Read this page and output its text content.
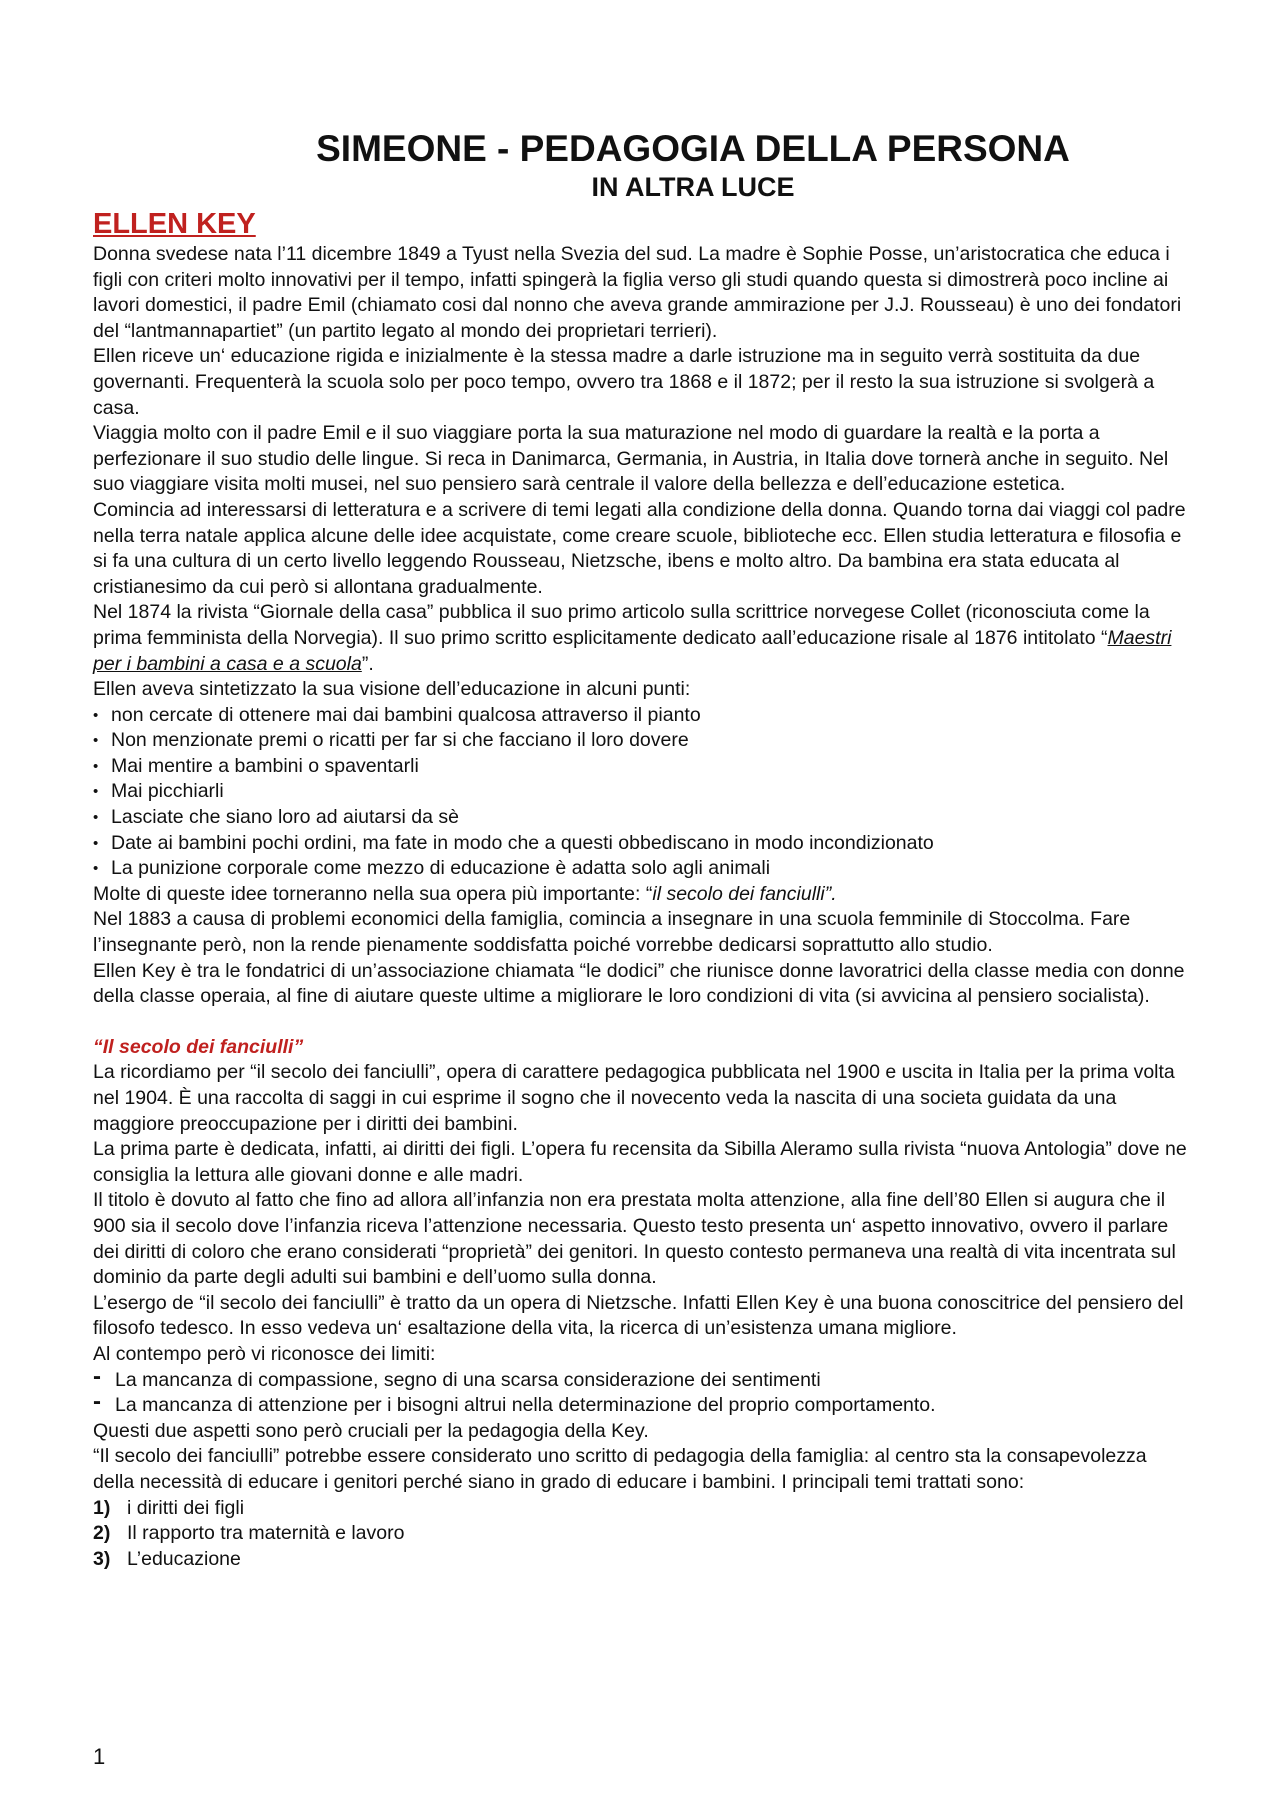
SIMEONE - PEDAGOGIA DELLA PERSONA
IN ALTRA LUCE
ELLEN KEY

Donna svedese nata l’11 dicembre 1849 a Tyust nella Svezia del sud. La madre è Sophie Posse, un’aristocratica che educa i figli con criteri molto innovativi per il tempo, infatti spingerà la figlia verso gli studi quando questa si dimostrerà poco incline ai lavori domestici, il padre Emil (chiamato cosi dal nonno che aveva grande ammirazione per J.J. Rousseau) è uno dei fondatori del “lantmannapartiet” (un partito legato al mondo dei proprietari terrieri).

Ellen riceve un‘ educazione rigida e inizialmente è la stessa madre a darle istruzione ma in seguito verrà sostituita da due governanti. Frequenterà la scuola solo per poco tempo, ovvero tra 1868 e il 1872; per il resto la sua istruzione si svolgerà a casa.

Viaggia molto con il padre Emil e il suo viaggiare porta la sua maturazione nel modo di guardare la realtà e la porta a perfezionare il suo studio delle lingue. Si reca in Danimarca, Germania, in Austria, in Italia dove tornerà anche in seguito. Nel suo viaggiare visita molti musei, nel suo pensiero sarà centrale il valore della bellezza e dell’educazione estetica.

Comincia ad interessarsi di letteratura e a scrivere di temi legati alla condizione della donna. Quando torna dai viaggi col padre nella terra natale applica alcune delle idee acquistate, come creare scuole, biblioteche ecc. Ellen studia letteratura e filosofia e si fa una cultura di un certo livello leggendo Rousseau, Nietzsche, ibens e molto altro. Da bambina era stata educata al cristianesimo da cui però si allontana gradualmente.

Nel 1874 la rivista “Giornale della casa” pubblica il suo primo articolo sulla scrittrice norvegese Collet (riconosciuta come la prima femminista della Norvegia). Il suo primo scritto esplicitamente dedicato aall’educazione risale al 1876 intitolato “Maestri per i bambini a casa e a scuola”.

Ellen aveva sintetizzato la sua visione dell’educazione in alcuni punti:

• non cercate di ottenere mai dai bambini qualcosa attraverso il pianto
• Non menzionate premi o ricatti per far si che facciano il loro dovere
• Mai mentire a bambini o spaventarli
• Mai picchiarli
• Lasciate che siano loro ad aiutarsi da sè
• Date ai bambini pochi ordini, ma fate in modo che a questi obbediscano in modo incondizionato
• La punizione corporale come mezzo di educazione è adatta solo agli animali

Molte di queste idee torneranno nella sua opera più importante: “il secolo dei fanciulli”.

Nel 1883 a causa di problemi economici della famiglia, comincia a insegnare in una scuola femminile di Stoccolma. Fare l’insegnante però, non la rende pienamente soddisfatta poiché vorrebbe dedicarsi soprattutto allo studio.

Ellen Key è tra le fondatrici di un’associazione chiamata “le dodici” che riunisce donne lavoratrici della classe media con donne della classe operaia, al fine di aiutare queste ultime a migliorare le loro condizioni di vita (si avvicina al pensiero socialista).

“Il secolo dei fanciulli”

La ricordiamo per “il secolo dei fanciulli”, opera di carattere pedagogica pubblicata nel 1900 e uscita in Italia per la prima volta nel 1904. È una raccolta di saggi in cui esprime il sogno che il novecento veda la nascita di una societa guidata da una maggiore preoccupazione per i diritti dei bambini.

La prima parte è dedicata, infatti, ai diritti dei figli. L’opera fu recensita da Sibilla Aleramo sulla rivista “nuova Antologia” dove ne consiglia la lettura alle giovani donne e alle madri.

Il titolo è dovuto al fatto che fino ad allora all’infanzia non era prestata molta attenzione, alla fine dell’80 Ellen si augura che il 900 sia il secolo dove l’infanzia riceva l’attenzione necessaria. Questo testo presenta un‘ aspetto innovativo, ovvero il parlare dei diritti di coloro che erano considerati “proprietà” dei genitori. In questo contesto permaneva una realtà di vita incentrata sul dominio da parte degli adulti sui bambini e dell’uomo sulla donna.

L’esergo de “il secolo dei fanciulli” è tratto da un opera di Nietzsche. Infatti Ellen Key è una buona conoscitrice del pensiero del filosofo tedesco. In esso vedeva un‘ esaltazione della vita, la ricerca di un’esistenza umana migliore.

Al contempo però vi riconosce dei limiti:

- La mancanza di compassione, segno di una scarsa considerazione dei sentimenti
- La mancanza di attenzione per i bisogni altrui nella determinazione del proprio comportamento.

Questi due aspetti sono però cruciali per la pedagogia della Key.

“Il secolo dei fanciulli” potrebbe essere considerato uno scritto di pedagogia della famiglia: al centro sta la consapevolezza della necessità di educare i genitori perché siano in grado di educare i bambini. I principali temi trattati sono:

1) i diritti dei figli
2) Il rapporto tra maternità e lavoro
3) L’educazione
1
